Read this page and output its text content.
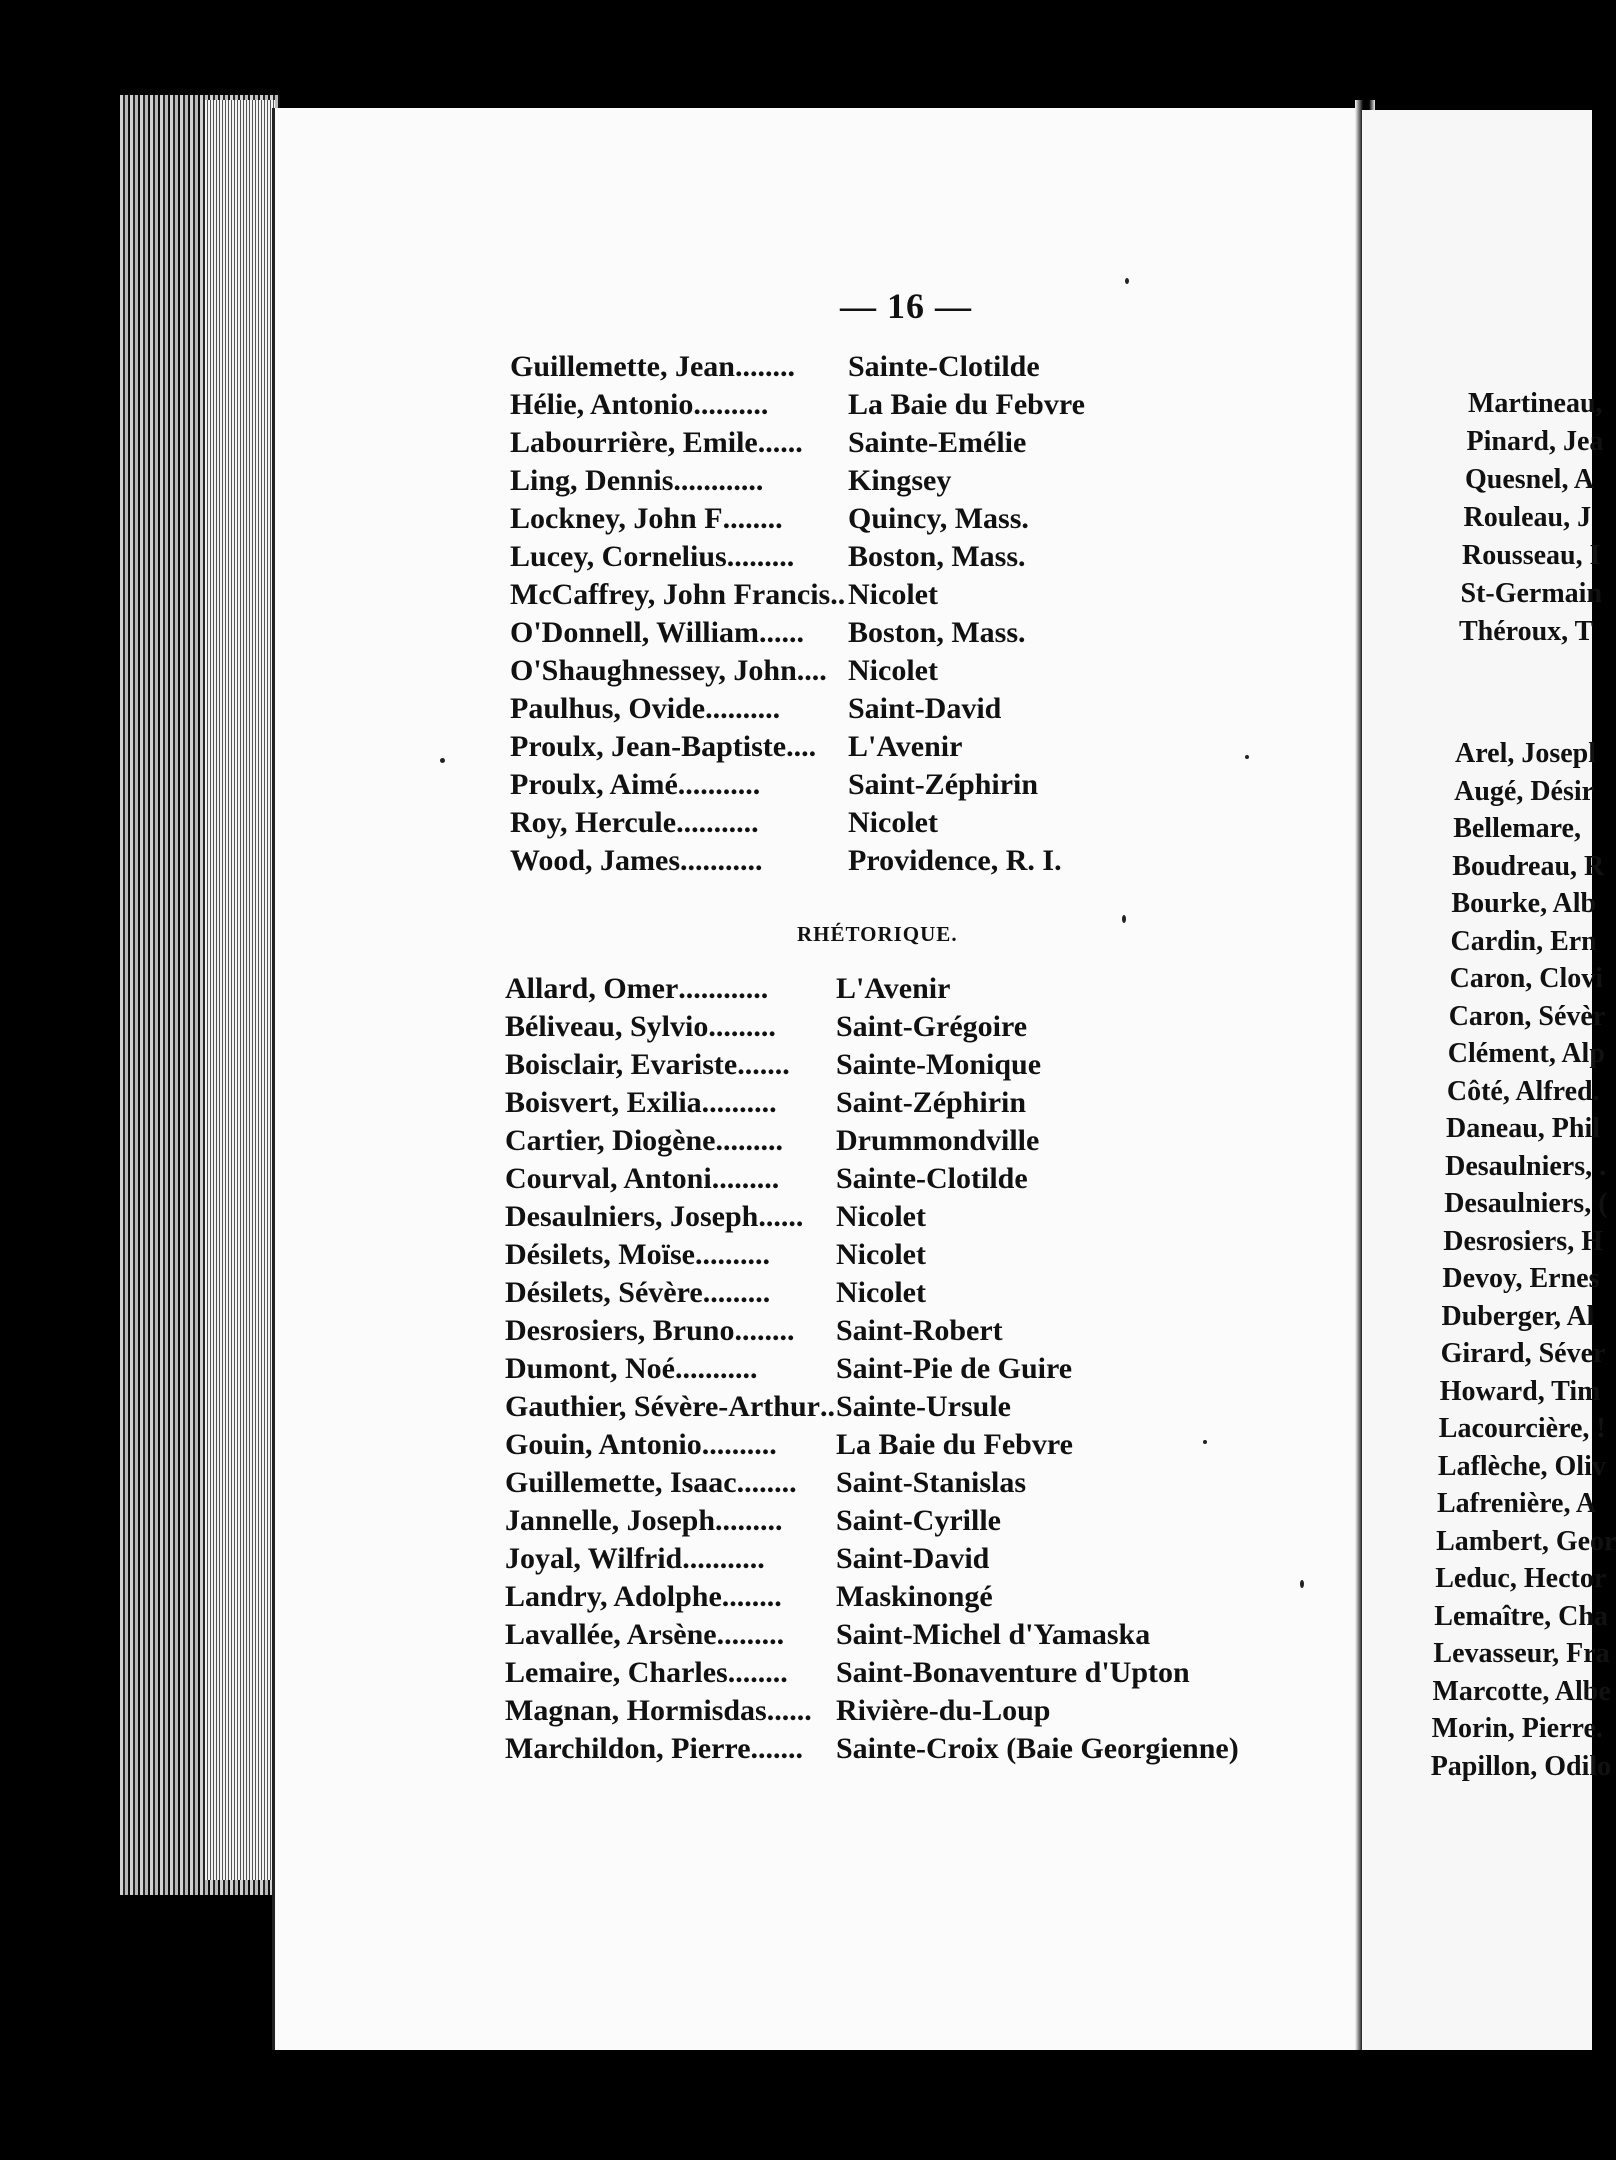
— 16 —
Guillemette, Jean........ Sainte-Clotilde
Hélie, Antonio..........	La Baie du Febvre
Labourrière, Emile...... Sainte-Emélie
Ling, Dennis............	Kingsey
Lockney, John F........ Quincy, Mass.
Lucey, Cornelius......... Boston, Mass.
McCaffrey, John Francis.. Nicolet
O'Donnell, William...... Boston, Mass.
O'Shaughnessey, John.... Nicolet
Paulhus, Ovide.......... Saint-David
Proulx, Jean-Baptiste.... L'Avenir
Proulx, Aimé...........	Saint-Zéphirin
Roy, Hercule...........	Nicolet
Wood, James...........	Providence, R. I.
RHÉTORIQUE.
Allard, Omer............ L'Avenir
Béliveau, Sylvio......... Saint-Grégoire
Boisclair, Evariste....... Sainte-Monique
Boisvert, Exilia.......... Saint-Zéphirin
Cartier, Diogène......... Drummondville
Courval, Antoni......... Sainte-Clotilde
Desaulniers, Joseph...... Nicolet
Désilets, Moïse.......... Nicolet
Désilets, Sévère......... Nicolet
Desrosiers, Bruno........ Saint-Robert
Dumont, Noé...........	Saint-Pie de Guire
Gauthier, Sévère-Arthur.. Sainte-Ursule
Gouin, Antonio.......... La Baie du Febvre
Guillemette, Isaac........ Saint-Stanislas
Jannelle, Joseph......... Saint-Cyrille
Joyal, Wilfrid........... Saint-David
Landry, Adolphe........ Maskinongé
Lavallée, Arsène......... Saint-Michel d'Yamaska
Lemaire, Charles........ Saint-Bonaventure d'Upton
Magnan, Hormisdas...... Rivière-du-Loup
Marchildon, Pierre....... Sainte-Croix (Baie Georgienne)
Martineau,
Pinard, Jea
Quesnel, A
Rouleau, J
Rousseau, I
St-Germain
Théroux, T
Arel, Josepl
Augé, Désir
Bellemare,
Boudreau, R
Bourke, Alb
Cardin, Ern
Caron, Clovi
Caron, Sévèr
Clément, Alp
Côté, Alfred.
Daneau, Phil
Desaulniers, .
Desaulniers, (
Desrosiers, H
Devoy, Ernes
Duberger, Al
Girard, Séver
Howard, Tim
Lacourcière, !
Laflèche, Oliv
Lafrenière, A
Lambert, Geor
Leduc, Hector
Lemaître, Cha
Levasseur, Fra
Marcotte, Albe
Morin, Pierre.
Papillon, Odilo
